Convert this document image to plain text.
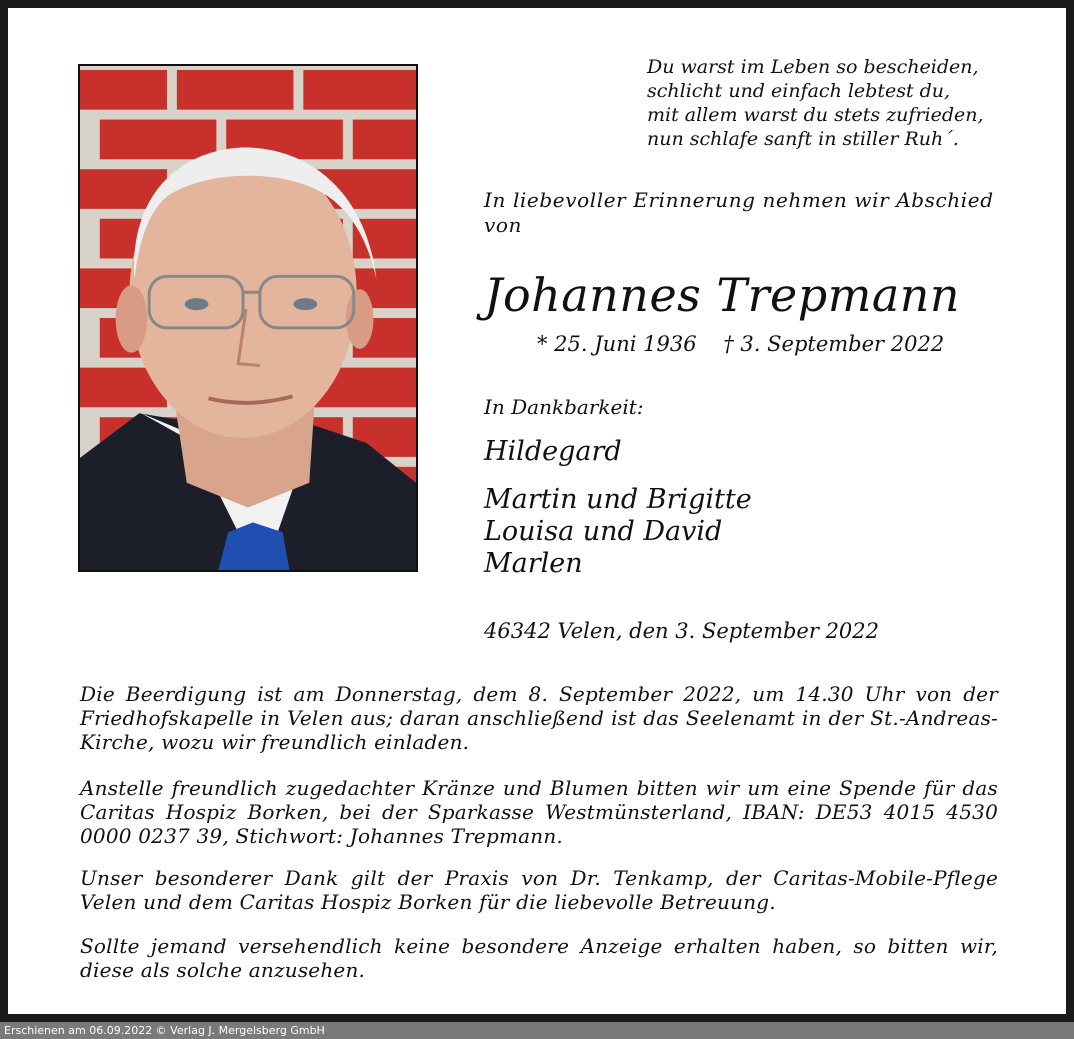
Du warst im Leben so bescheiden,
schlicht und einfach lebtest du,
mit allem warst du stets zufrieden,
nun schlafe sanft in stiller Ruh´.
In liebevoller Erinnerung nehmen wir Abschied von
Johannes Trepmann
* 25. Juni 1936    † 3. September 2022
In Dankbarkeit:
Hildegard
Martin und Brigitte
Louisa und David
Marlen
46342 Velen, den 3. September 2022
Die Beerdigung ist am Donnerstag, dem 8. September 2022, um 14.30 Uhr von der Friedhofskapelle in Velen aus; daran anschließend ist das Seelenamt in der St.-Andreas-Kirche, wozu wir freundlich einladen.
Anstelle freundlich zugedachter Kränze und Blumen bitten wir um eine Spende für das Caritas Hospiz Borken, bei der Sparkasse Westmünsterland, IBAN: DE53 4015 4530 0000 0237 39, Stichwort: Johannes Trepmann.
Unser besonderer Dank gilt der Praxis von Dr. Tenkamp, der Caritas-Mobile-Pflege Velen und dem Caritas Hospiz Borken für die liebevolle Betreuung.
Sollte jemand versehendlich keine besondere Anzeige erhalten haben, so bitten wir, diese als solche anzusehen.
Erschienen am 06.09.2022 © Verlag J. Mergelsberg GmbH
